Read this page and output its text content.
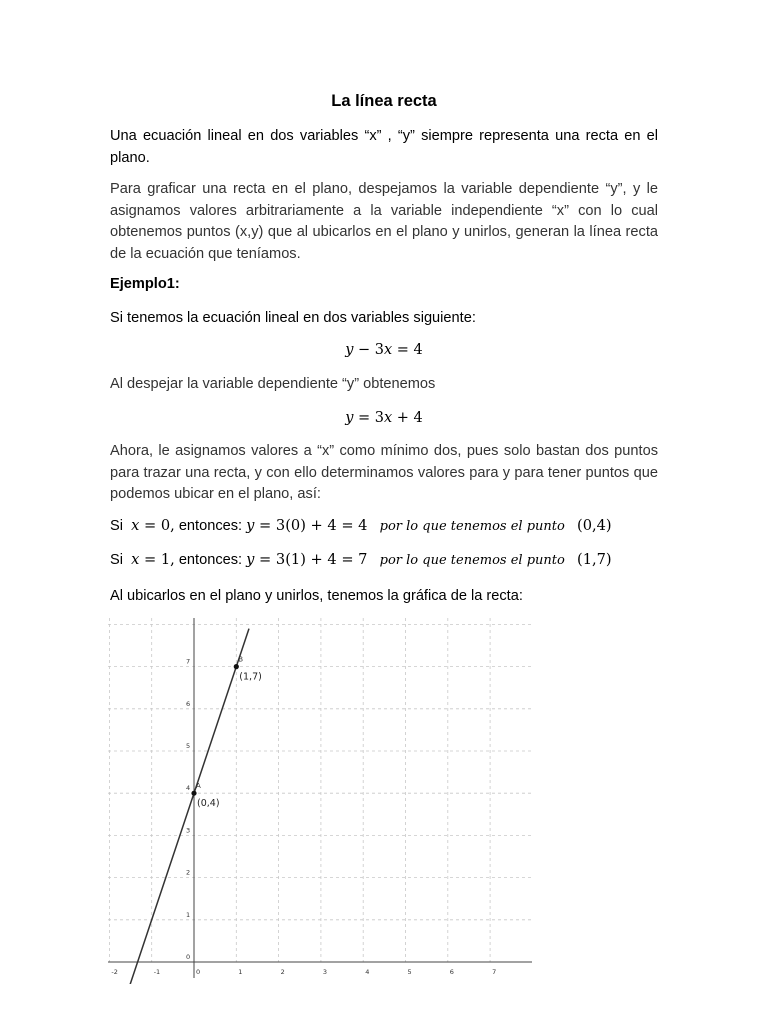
La línea recta
Una ecuación lineal en dos variables “x” , “y” siempre representa una recta en el plano.
Para graficar una recta en el plano, despejamos la variable dependiente “y”, y le asignamos valores arbitrariamente a la variable independiente “x” con lo cual obtenemos puntos (x,y) que al ubicarlos en el plano y unirlos, generan la línea recta de la ecuación que teníamos.
Ejemplo1:
Si tenemos la ecuación lineal en dos variables siguiente:
y − 3x = 4
Al despejar la variable dependiente “y” obtenemos
y = 3x + 4
Ahora, le asignamos valores a “x” como mínimo dos, pues solo bastan dos puntos para trazar una recta, y con ello determinamos valores para y para tener puntos que podemos ubicar en el plano, así:
Si x = 0, entonces: y = 3(0) + 4 = 4 por lo que tenemos el punto (0,4)
Si x = 1, entonces: y = 3(1) + 4 = 7 por lo que tenemos el punto (1,7)
Al ubicarlos en el plano y unirlos, tenemos la gráfica de la recta:
-2	-1	0	1	2	3	4	5	6	7
0
1
2
3
4
5
6
7
A
(0,4)
B
(1,7)
